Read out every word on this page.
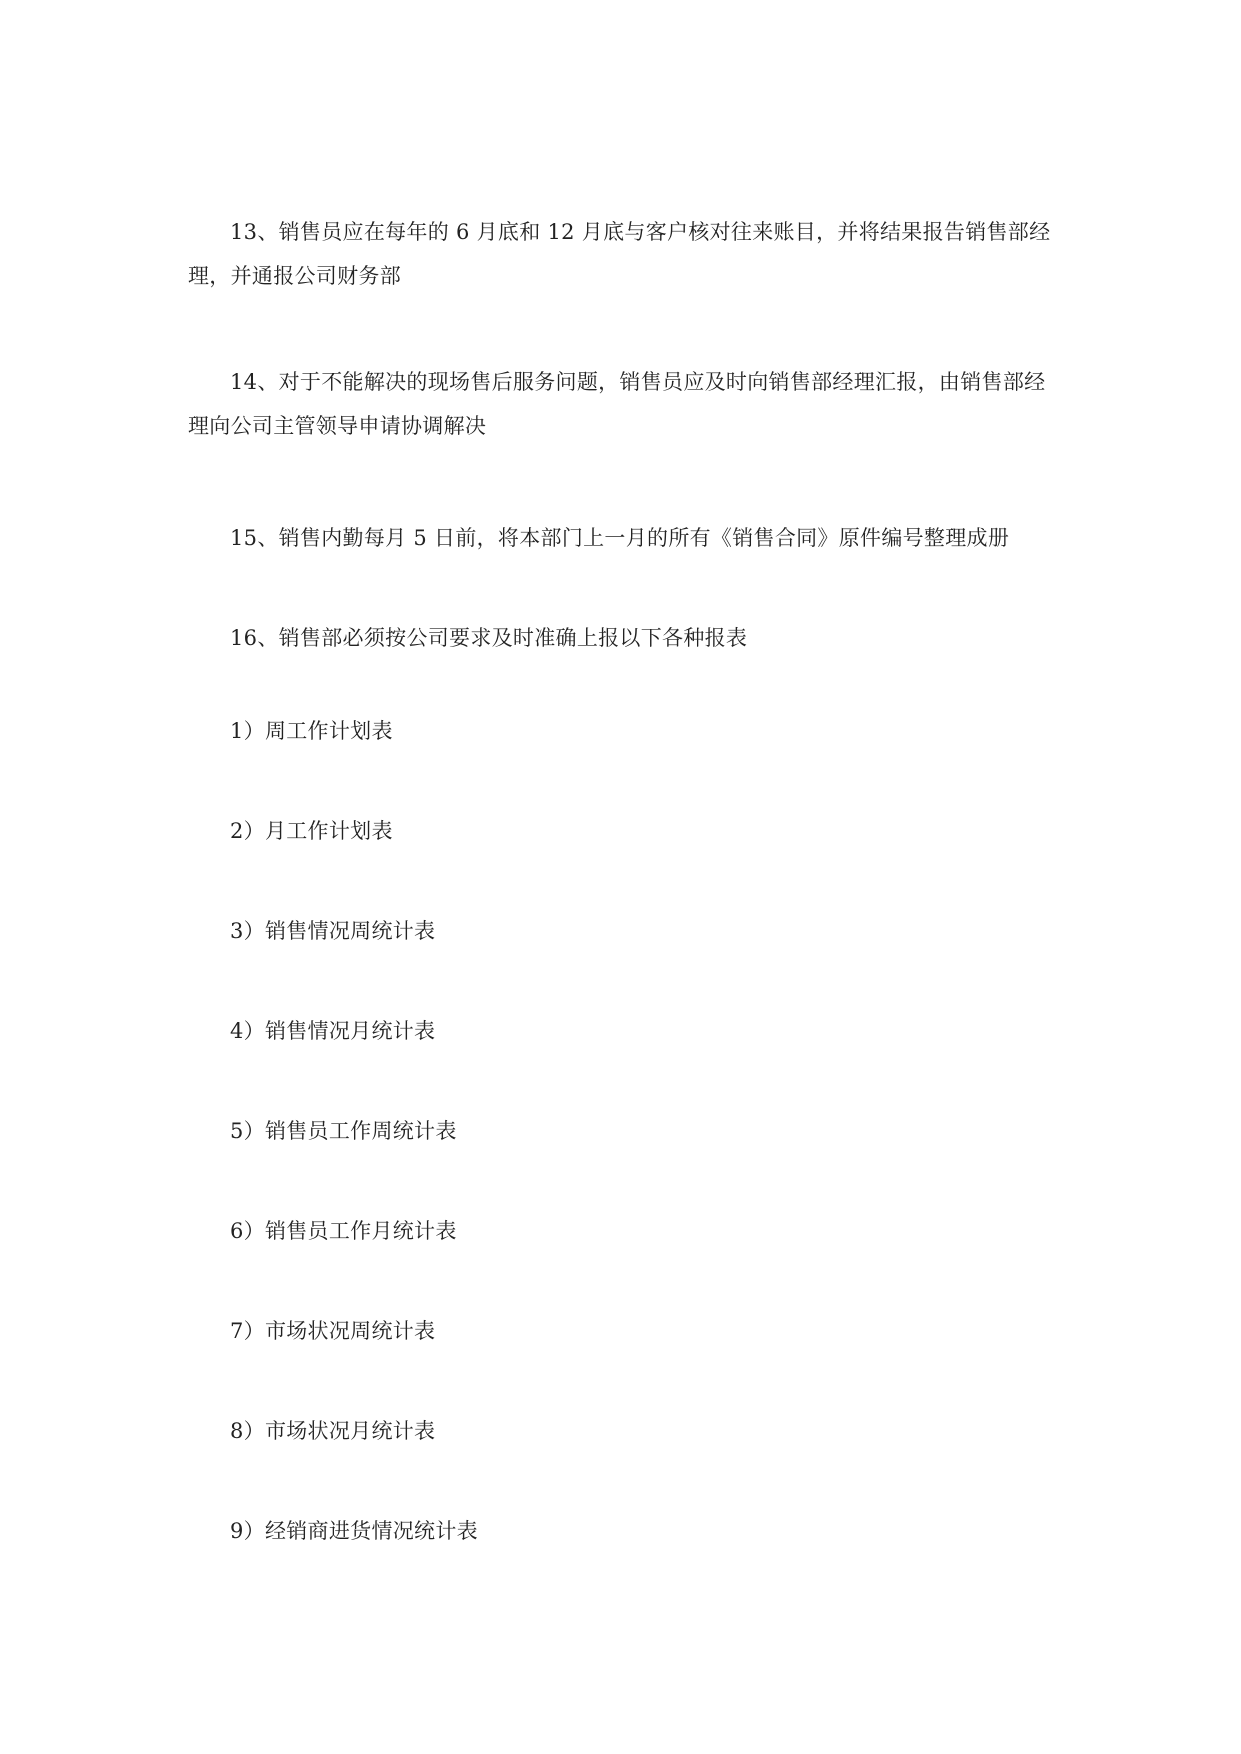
13、销售员应在每年的 6 月底和 12 月底与客户核对往来账目，并将结果报告销售部经理，并通报公司财务部

14、对于不能解决的现场售后服务问题，销售员应及时向销售部经理汇报，由销售部经理向公司主管领导申请协调解决

15、销售内勤每月 5 日前，将本部门上一月的所有《销售合同》原件编号整理成册

16、销售部必须按公司要求及时准确上报以下各种报表

1）周工作计划表

2）月工作计划表

3）销售情况周统计表

4）销售情况月统计表

5）销售员工作周统计表

6）销售员工作月统计表

7）市场状况周统计表

8）市场状况月统计表

9）经销商进货情况统计表
